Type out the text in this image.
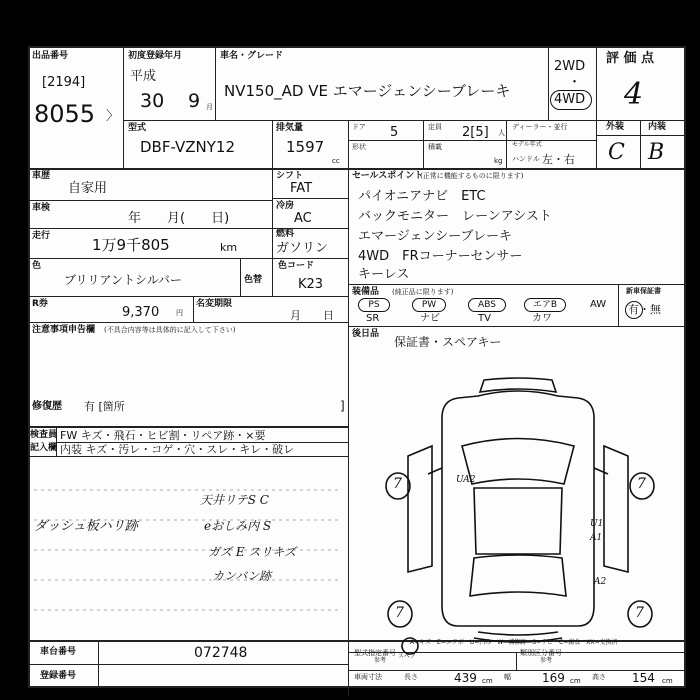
出品番号
[2194]
8055 〉
初度登録年月
平成
30 9 月
車名・グレード
NV150_AD VE エマージェンシーブレーキ
2WD
・
4WD
評 価 点
4
外装	内装
C B
型式
DBF-VZNY12
排気量
1597
cc
ドア 5	定員 2[5] 人
ディーラー・並行
形状	積載
kg
モデル年式
ハンドル 左・右
車歴
自家用
車検
年　　月(　　日)
走行	1万9千805	km
シフト
FAT
冷房
AC
燃料
ガソリン
色
ブリリアントシルバー	色替
色コード
K23
R券
9,370 円
名変期限
月　　日
注意事項申告欄 (不具合内容等は具体的に記入して下さい)
修復歴 有 [箇所	]
セールスポイント
(正常に機能するものに限ります)
パイオニアナビ　ETC
バックモニター　レーンアシスト
エマージェンシーブレーキ
4WD　FRコーナーセンサー
キーレス
装備品 (純正品に限ります)
PS	PW	ABS	エアB	AW
SR	ナビ	TV	カワ
新車保証書
有・無
後日品
保証書・スペアキー
検査員
記入欄
FW キズ・飛石・ヒビ割・リペア跡・×要
内装 キズ・汚レ・コゲ・穴・スレ・キレ・破レ
ダッシュ板ハリ跡
天井リテS C
eおしみ内 S
ガズ E スリキズ
カンバン跡
7	7
7	7
UA2
U1
A1
A2
スペア
A−キズ　E−エクボ　U−凹み　W−補修跡　S−サビ　C−腐食　XX−交換済
車台番号	072748
登録番号
型式指定番号
参考
類別区分番号
参考
車両寸法	長さ	439 cm 幅	169 cm 高さ 154 cm
